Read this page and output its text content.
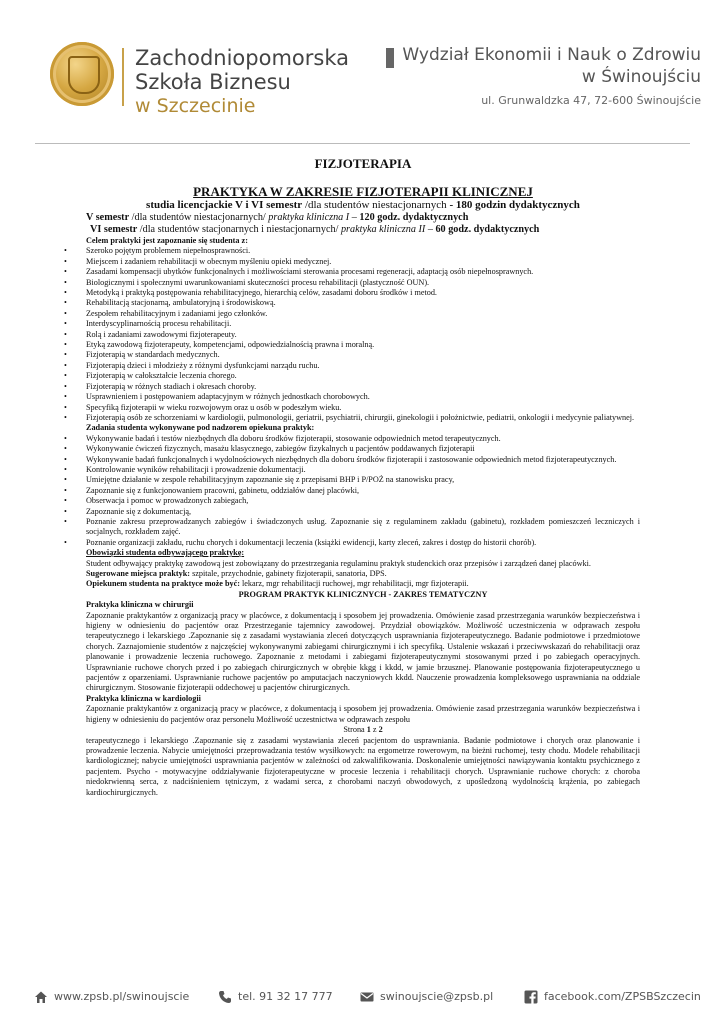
Zachodniopomorska
Szkoła Biznesu
w Szczecinie
Wydział Ekonomii i Nauk o Zdrowiu
w Świnoujściu
ul. Grunwaldzka 47, 72-600 Świnoujście
FIZJOTERAPIA
PRAKTYKA W ZAKRESIE FIZJOTERAPII KLINICZNEJ
studia licencjackie V i VI semestr /dla studentów niestacjonarnych - 180 godzin dydaktycznych
V semestr /dla studentów niestacjonarnych/ praktyka kliniczna I – 120 godz. dydaktycznych
VI semestr /dla studentów stacjonarnych i niestacjonarnych/ praktyka kliniczna II – 60 godz. dydaktycznych
Celem praktyki jest zapoznanie się studenta z:
• Szeroko pojętym problemem niepełnosprawności.
• Miejscem i zadaniem rehabilitacji w obecnym myśleniu opieki medycznej.
• Zasadami kompensacji ubytków funkcjonalnych i możliwościami sterowania procesami regeneracji, adaptacją osób niepełnosprawnych.
• Biologicznymi i społecznymi uwarunkowaniami skuteczności procesu rehabilitacji (plastyczność OUN).
• Metodyką i praktyką postępowania rehabilitacyjnego, hierarchią celów, zasadami doboru środków i metod.
• Rehabilitacją stacjonarną, ambulatoryjną i środowiskową.
• Zespołem rehabilitacyjnym i zadaniami jego członków.
• Interdyscyplinarnością procesu rehabilitacji.
• Rolą i zadaniami zawodowymi fizjoterapeuty.
• Etyką zawodową fizjoterapeuty, kompetencjami, odpowiedzialnością prawna i moralną.
• Fizjoterapią w standardach medycznych.
• Fizjoterapią dzieci i młodzieży z różnymi dysfunkcjami narządu ruchu.
• Fizjoterapią w całokształcie leczenia chorego.
• Fizjoterapią w różnych stadiach i okresach choroby.
• Usprawnieniem i postępowaniem adaptacyjnym w różnych jednostkach chorobowych.
• Specyfiką fizjoterapii w wieku rozwojowym oraz u osób w podeszłym wieku.
• Fizjoterapią osób ze schorzeniami w kardiologii, pulmonologii, geriatrii, psychiatrii, chirurgii, ginekologii i położnictwie, pediatrii, onkologii i medycynie paliatywnej.
Zadania studenta wykonywane pod nadzorem opiekuna praktyk:
• Wykonywanie badań i testów niezbędnych dla doboru środków fizjoterapii, stosowanie odpowiednich metod terapeutycznych.
• Wykonywanie ćwiczeń fizycznych, masażu klasycznego, zabiegów fizykalnych u pacjentów poddawanych fizjoterapii
• Wykonywanie badań funkcjonalnych i wydolnościowych niezbędnych dla doboru środków fizjoterapii i zastosowanie odpowiednich metod fizjoterapeutycznych.
• Kontrolowanie wyników rehabilitacji i prowadzenie dokumentacji.
• Umiejętne działanie w zespole rehabilitacyjnym zapoznanie się z przepisami BHP i P/POŻ na stanowisku pracy,
• Zapoznanie się z funkcjonowaniem pracowni, gabinetu, oddziałów danej placówki,
• Obserwacja i pomoc w prowadzonych zabiegach,
• Zapoznanie się z dokumentacją,
• Poznanie zakresu przeprowadzanych zabiegów i świadczonych usług. Zapoznanie się z regulaminem zakładu (gabinetu), rozkładem pomieszczeń leczniczych i socjalnych, rozkładem zajęć.
• Poznanie organizacji zakładu, ruchu chorych i dokumentacji leczenia (książki ewidencji, karty zleceń, zakres i dostęp do historii chorób).
Obowiązki studenta odbywającego praktykę:
Student odbywający praktykę zawodową jest zobowiązany do przestrzegania regulaminu praktyk studenckich oraz przepisów i zarządzeń danej placówki.
Sugerowane miejsca praktyk: szpitale, przychodnie, gabinety fizjoterapii, sanatoria, DPS.
Opiekunem studenta na praktyce może być: lekarz, mgr rehabilitacji ruchowej, mgr rehabilitacji, mgr fizjoterapii.
PROGRAM PRAKTYK KLINICZNYCH - ZAKRES TEMATYCZNY
Praktyka kliniczna w chirurgii
Zapoznanie praktykantów z organizacją pracy w placówce, z dokumentacją i sposobem jej prowadzenia. Omówienie zasad przestrzegania warunków bezpieczeństwa i higieny w odniesieniu do pacjentów oraz Przestrzeganie tajemnicy zawodowej. Przydział obowiązków. Możliwość uczestniczenia w odprawach zespołu terapeutycznego i lekarskiego .Zapoznanie się z zasadami wystawiania zleceń dotyczących usprawniania fizjoterapeutycznego. Badanie podmiotowe i przedmiotowe chorych. Zaznajomienie studentów z najczęściej wykonywanymi zabiegami chirurgicznymi i ich specyfiką. Ustalenie wskazań i przeciwwskazań do rehabilitacji oraz planowanie i prowadzenie leczenia ruchowego. Zapoznanie z metodami i zabiegami fizjoterapeutycznymi stosowanymi przed i po zabiegach operacyjnych. Usprawnianie ruchowe chorych przed i po zabiegach chirurgicznych w obrębie kkgg i kkdd, w jamie brzusznej. Planowanie postępowania fizjoterapeutycznego u pacjentów z oparzeniami. Usprawnianie ruchowe pacjentów po amputacjach naczyniowych kkdd. Nauczenie prowadzenia kompleksowego usprawniania na oddziale chirurgicznym. Stosowanie fizjoterapii oddechowej u pacjentów chirurgicznych.
Praktyka kliniczna w kardiologii
Zapoznanie praktykantów z organizacją pracy w placówce, z dokumentacją i sposobem jej prowadzenia. Omówienie zasad przestrzegania warunków bezpieczeństwa i higieny w odniesieniu do pacjentów oraz personelu Możliwość uczestnictwa w odprawach zespołu
Strona 1 z 2
terapeutycznego i lekarskiego .Zapoznanie się z zasadami wystawiania zleceń pacjentom do usprawniania. Badanie podmiotowe i chorych oraz planowanie i prowadzenie leczenia. Nabycie umiejętności przeprowadzania testów wysiłkowych: na ergometrze rowerowym, na bieżni ruchomej, testy chodu. Modele rehabilitacji kardiologicznej; nabycie umiejętności usprawniania pacjentów w zależności od zakwalifikowania. Doskonalenie umiejętności nawiązywania kontaktu psychicznego z pacjentem. Psycho - motywacyjne oddziaływanie fizjoterapeutyczne w procesie leczenia i rehabilitacji chorych. Usprawnianie ruchowe chorych: z choroba niedokrwienną serca, z nadciśnieniem tętniczym, z wadami serca, z chorobami naczyń obwodowych, z upośledzoną wydolnością krążenia, po zabiegach kardiochirurgicznych.
www.zpsb.pl/swinoujscie	tel. 91 32 17 777	swinoujscie@zpsb.pl	facebook.com/ZPSBSzczecin
